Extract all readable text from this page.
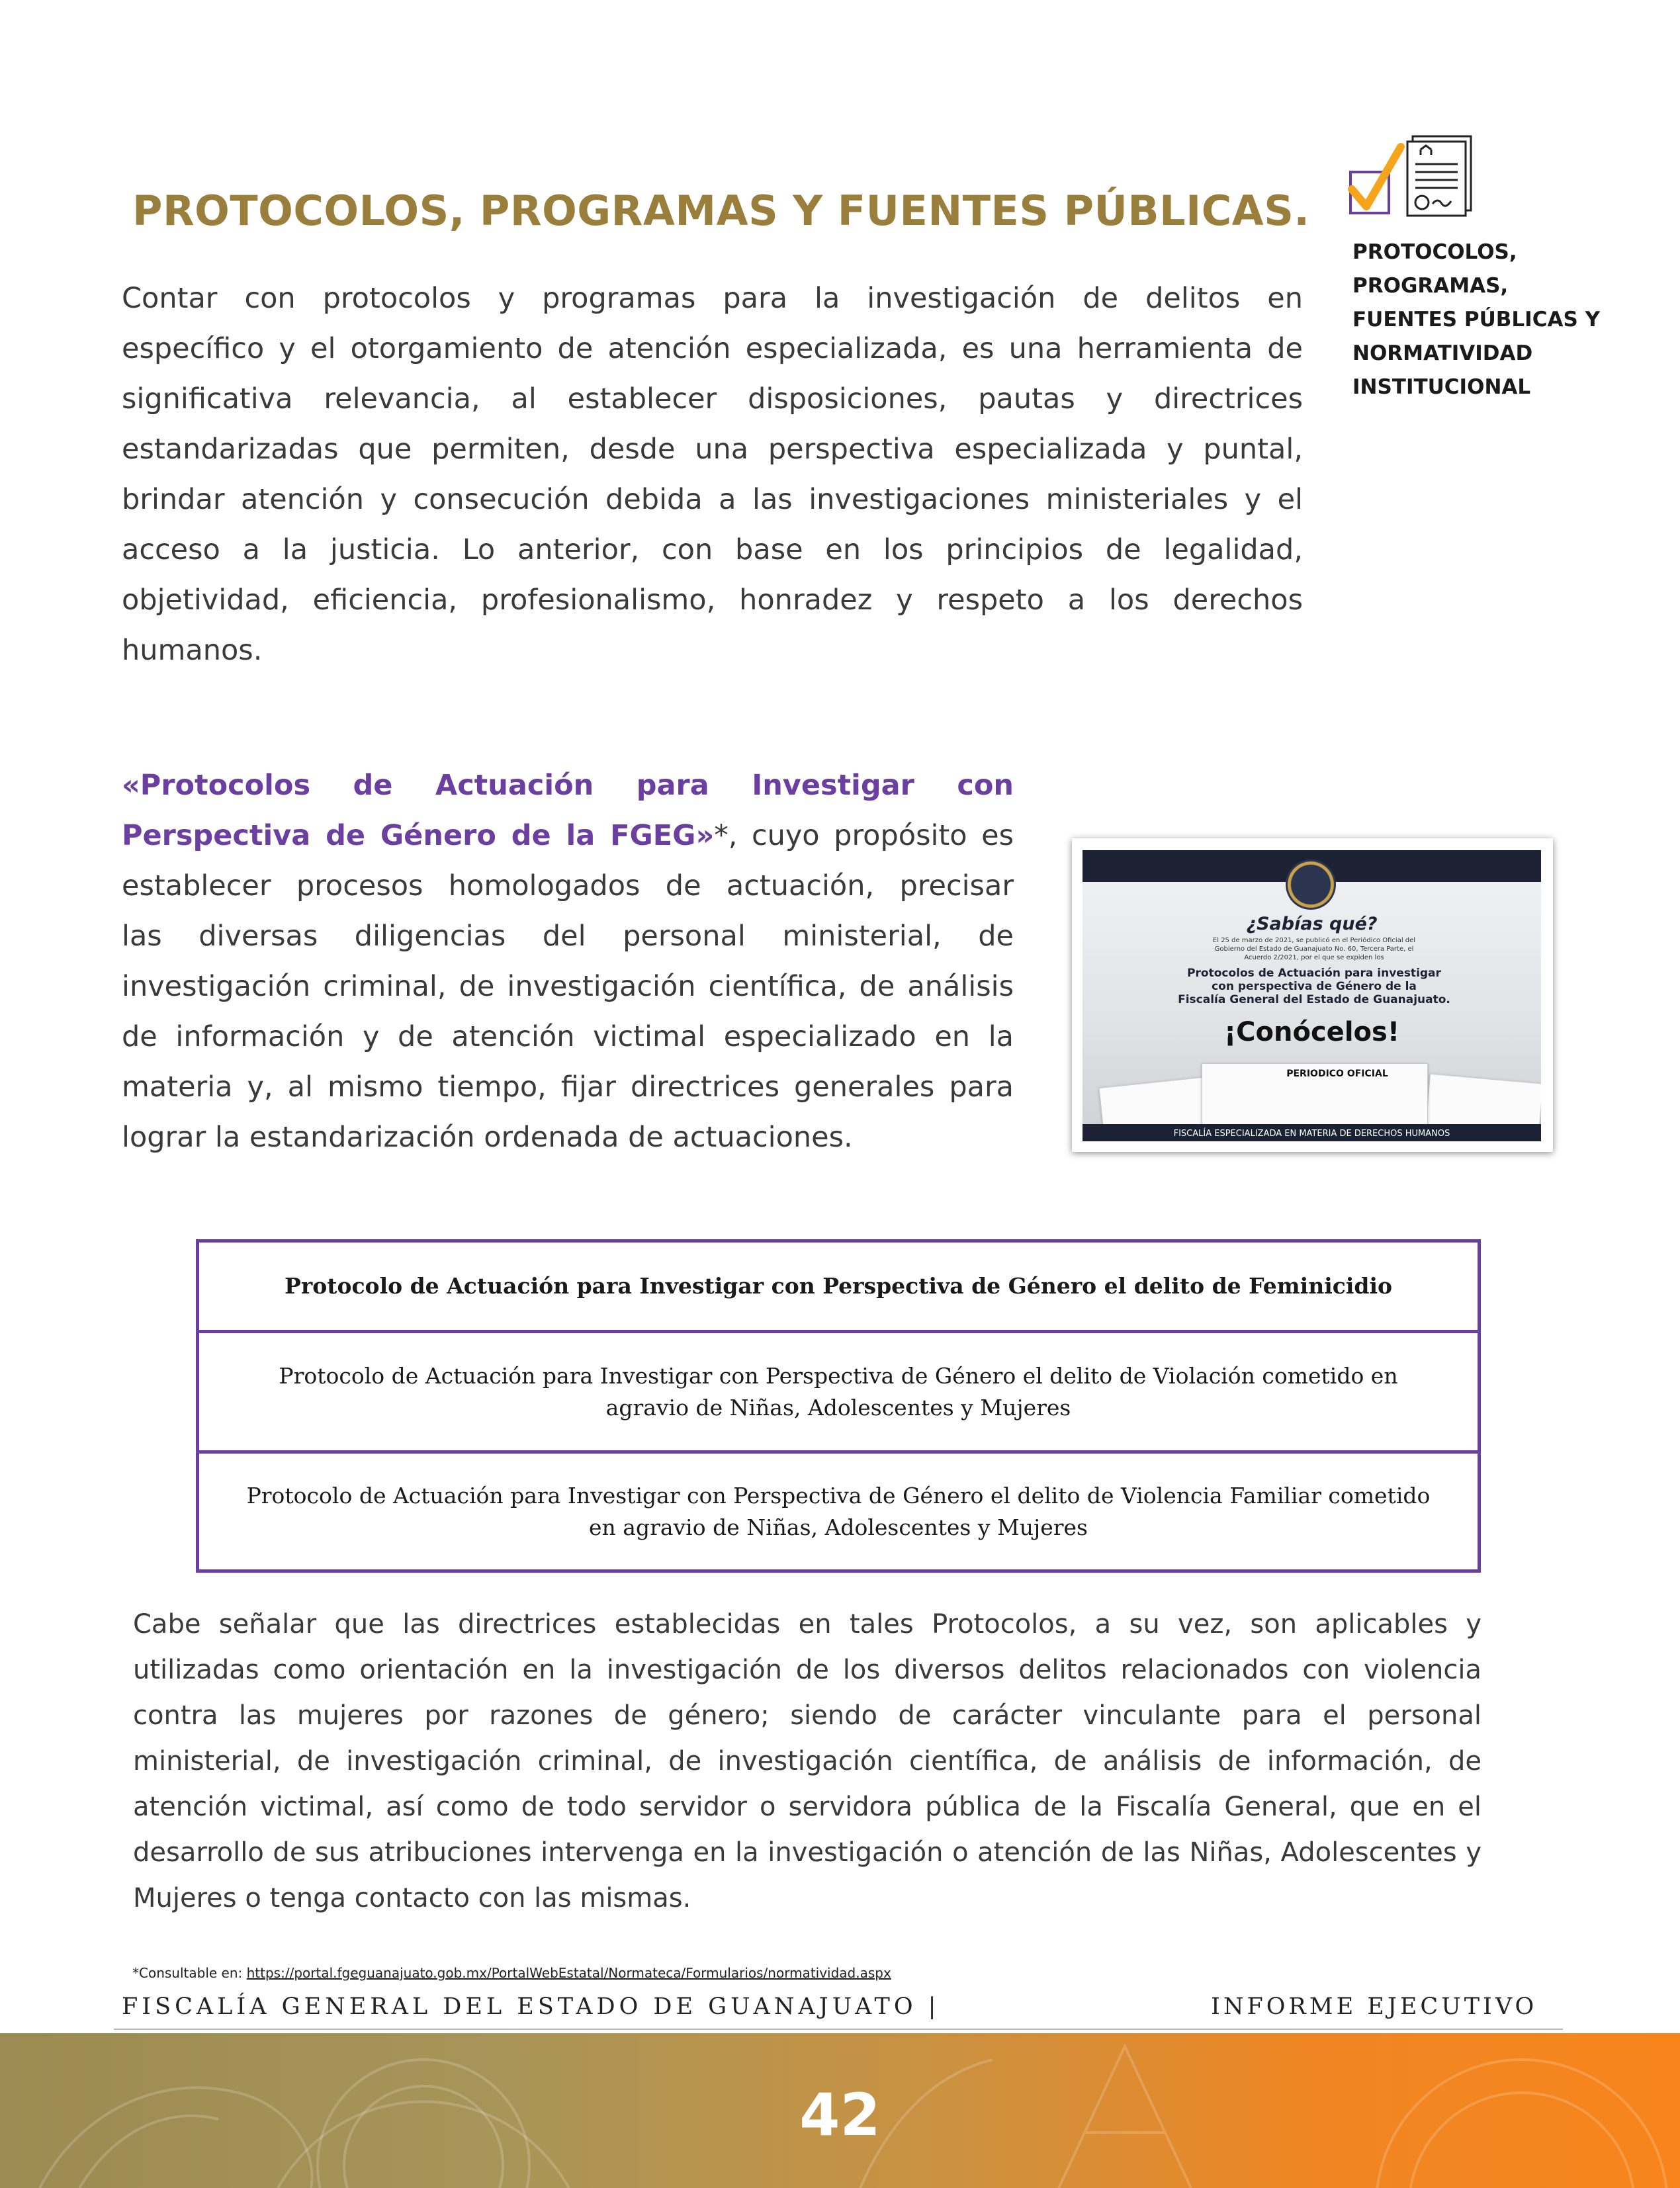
PROTOCOLOS, PROGRAMAS Y FUENTES PÚBLICAS.
PROTOCOLOS,
PROGRAMAS,
FUENTES PÚBLICAS Y
NORMATIVIDAD
INSTITUCIONAL
Contar con protocolos y programas para la investigación de delitos en
específico y el otorgamiento de atención especializada, es una herramienta de
significativa relevancia, al establecer disposiciones, pautas y directrices
estandarizadas que permiten, desde una perspectiva especializada y puntal,
brindar atención y consecución debida a las investigaciones ministeriales y el
acceso a la justicia. Lo anterior, con base en los principios de legalidad,
objetividad, eficiencia, profesionalismo, honradez y respeto a los derechos
humanos.
«Protocolos de Actuación para Investigar con
Perspectiva de Género de la FGEG»*, cuyo propósito es
establecer procesos homologados de actuación, precisar
las diversas diligencias del personal ministerial, de
investigación criminal, de investigación científica, de análisis
de información y de atención victimal especializado en la
materia y, al mismo tiempo, fijar directrices generales para
lograr la estandarización ordenada de actuaciones.
¿Sabías qué?
El 25 de marzo de 2021, se publicó en el Periódico Oficial del Gobierno del Estado de Guanajuato No. 60, Tercera Parte, el Acuerdo 2/2021, por el que se expiden los
Protocolos de Actuación para investigar
con perspectiva de Género de la
Fiscalía General del Estado de Guanajuato.
¡Conócelos!
PERIODICO OFICIAL
FISCALÍA ESPECIALIZADA EN MATERIA DE DERECHOS HUMANOS
Protocolo de Actuación para Investigar con Perspectiva de Género el delito de Feminicidio
Protocolo de Actuación para Investigar con Perspectiva de Género el delito de Violación cometido en agravio de Niñas, Adolescentes y Mujeres
Protocolo de Actuación para Investigar con Perspectiva de Género el delito de Violencia Familiar cometido en agravio de Niñas, Adolescentes y Mujeres
Cabe señalar que las directrices establecidas en tales Protocolos, a su vez, son aplicables y
utilizadas como orientación en la investigación de los diversos delitos relacionados con violencia
contra las mujeres por razones de género; siendo de carácter vinculante para el personal
ministerial, de investigación criminal, de investigación científica, de análisis de información, de
atención victimal, así como de todo servidor o servidora pública de la Fiscalía General, que en el
desarrollo de sus atribuciones intervenga en la investigación o atención de las Niñas, Adolescentes y
Mujeres o tenga contacto con las mismas.
*Consultable en: https://portal.fgeguanajuato.gob.mx/PortalWebEstatal/Normateca/Formularios/normatividad.aspx
FISCALÍA GENERAL DEL ESTADO DE GUANAJUATO |	INFORME EJECUTIVO
42
